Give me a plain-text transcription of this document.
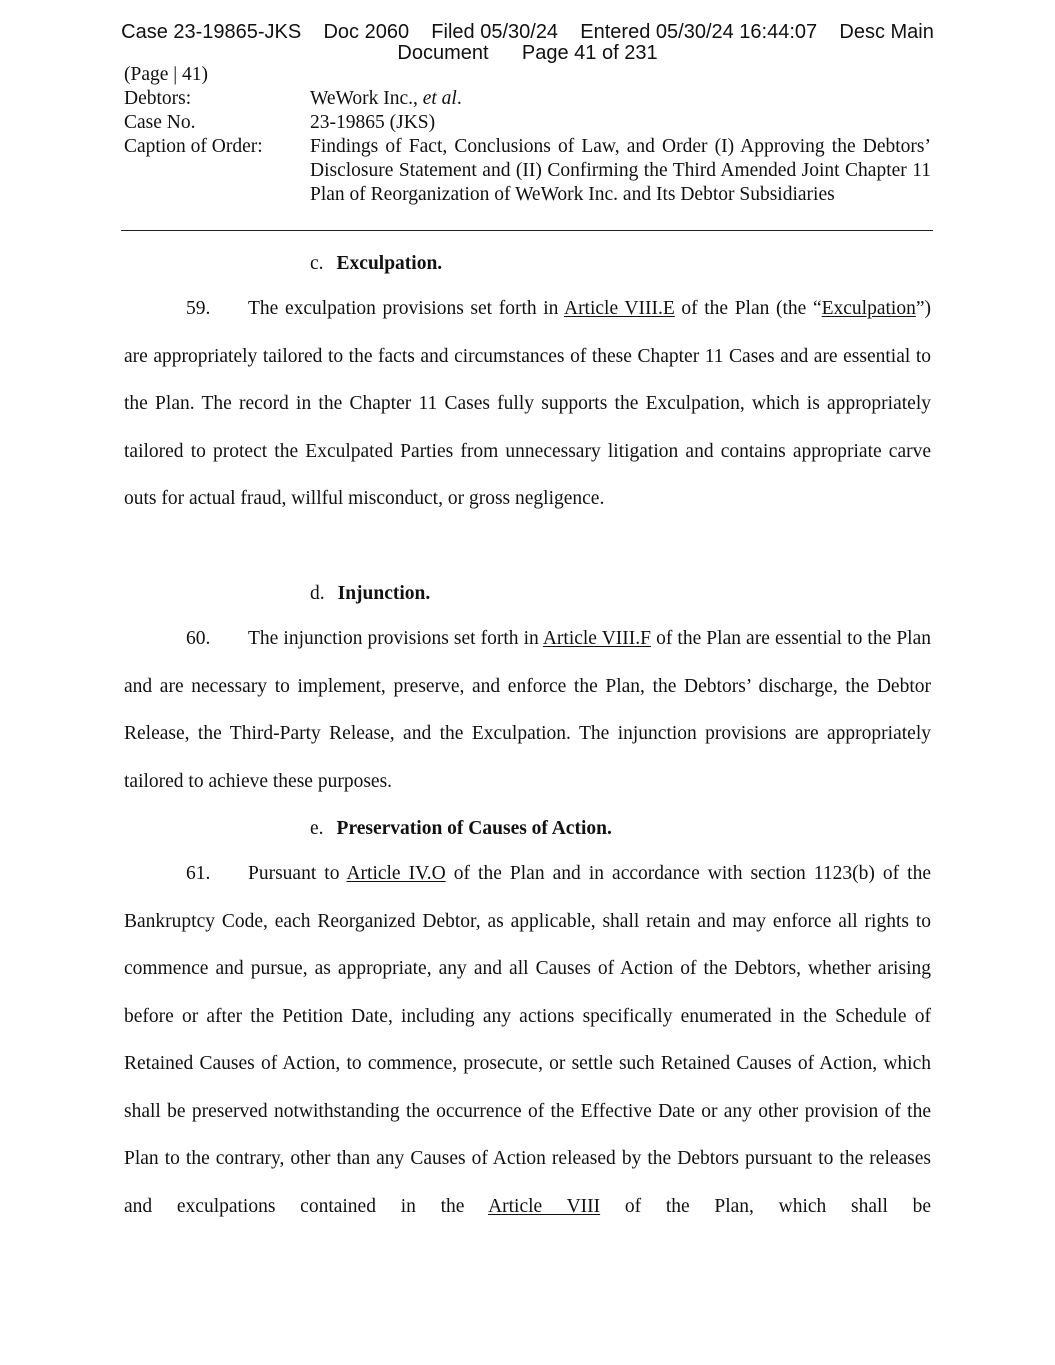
Case 23-19865-JKS    Doc 2060    Filed 05/30/24    Entered 05/30/24 16:44:07    Desc Main
Document      Page 41 of 231
(Page | 41)
Debtors:	WeWork Inc., et al.
Case No.	23-19865 (JKS)
Caption of Order: Findings of Fact, Conclusions of Law, and Order (I) Approving the Debtors’ Disclosure Statement and (II) Confirming the Third Amended Joint Chapter 11 Plan of Reorganization of WeWork Inc. and Its Debtor Subsidiaries
c. Exculpation.
59. The exculpation provisions set forth in Article VIII.E of the Plan (the “Exculpation”) are appropriately tailored to the facts and circumstances of these Chapter 11 Cases and are essential to the Plan. The record in the Chapter 11 Cases fully supports the Exculpation, which is appropriately tailored to protect the Exculpated Parties from unnecessary litigation and contains appropriate carve outs for actual fraud, willful misconduct, or gross negligence.
d. Injunction.
60. The injunction provisions set forth in Article VIII.F of the Plan are essential to the Plan and are necessary to implement, preserve, and enforce the Plan, the Debtors’ discharge, the Debtor Release, the Third-Party Release, and the Exculpation. The injunction provisions are appropriately tailored to achieve these purposes.
e. Preservation of Causes of Action.
61. Pursuant to Article IV.O of the Plan and in accordance with section 1123(b) of the Bankruptcy Code, each Reorganized Debtor, as applicable, shall retain and may enforce all rights to commence and pursue, as appropriate, any and all Causes of Action of the Debtors, whether arising before or after the Petition Date, including any actions specifically enumerated in the Schedule of Retained Causes of Action, to commence, prosecute, or settle such Retained Causes of Action, which shall be preserved notwithstanding the occurrence of the Effective Date or any other provision of the Plan to the contrary, other than any Causes of Action released by the Debtors pursuant to the releases and exculpations contained in the Article VIII of the Plan, which shall be
